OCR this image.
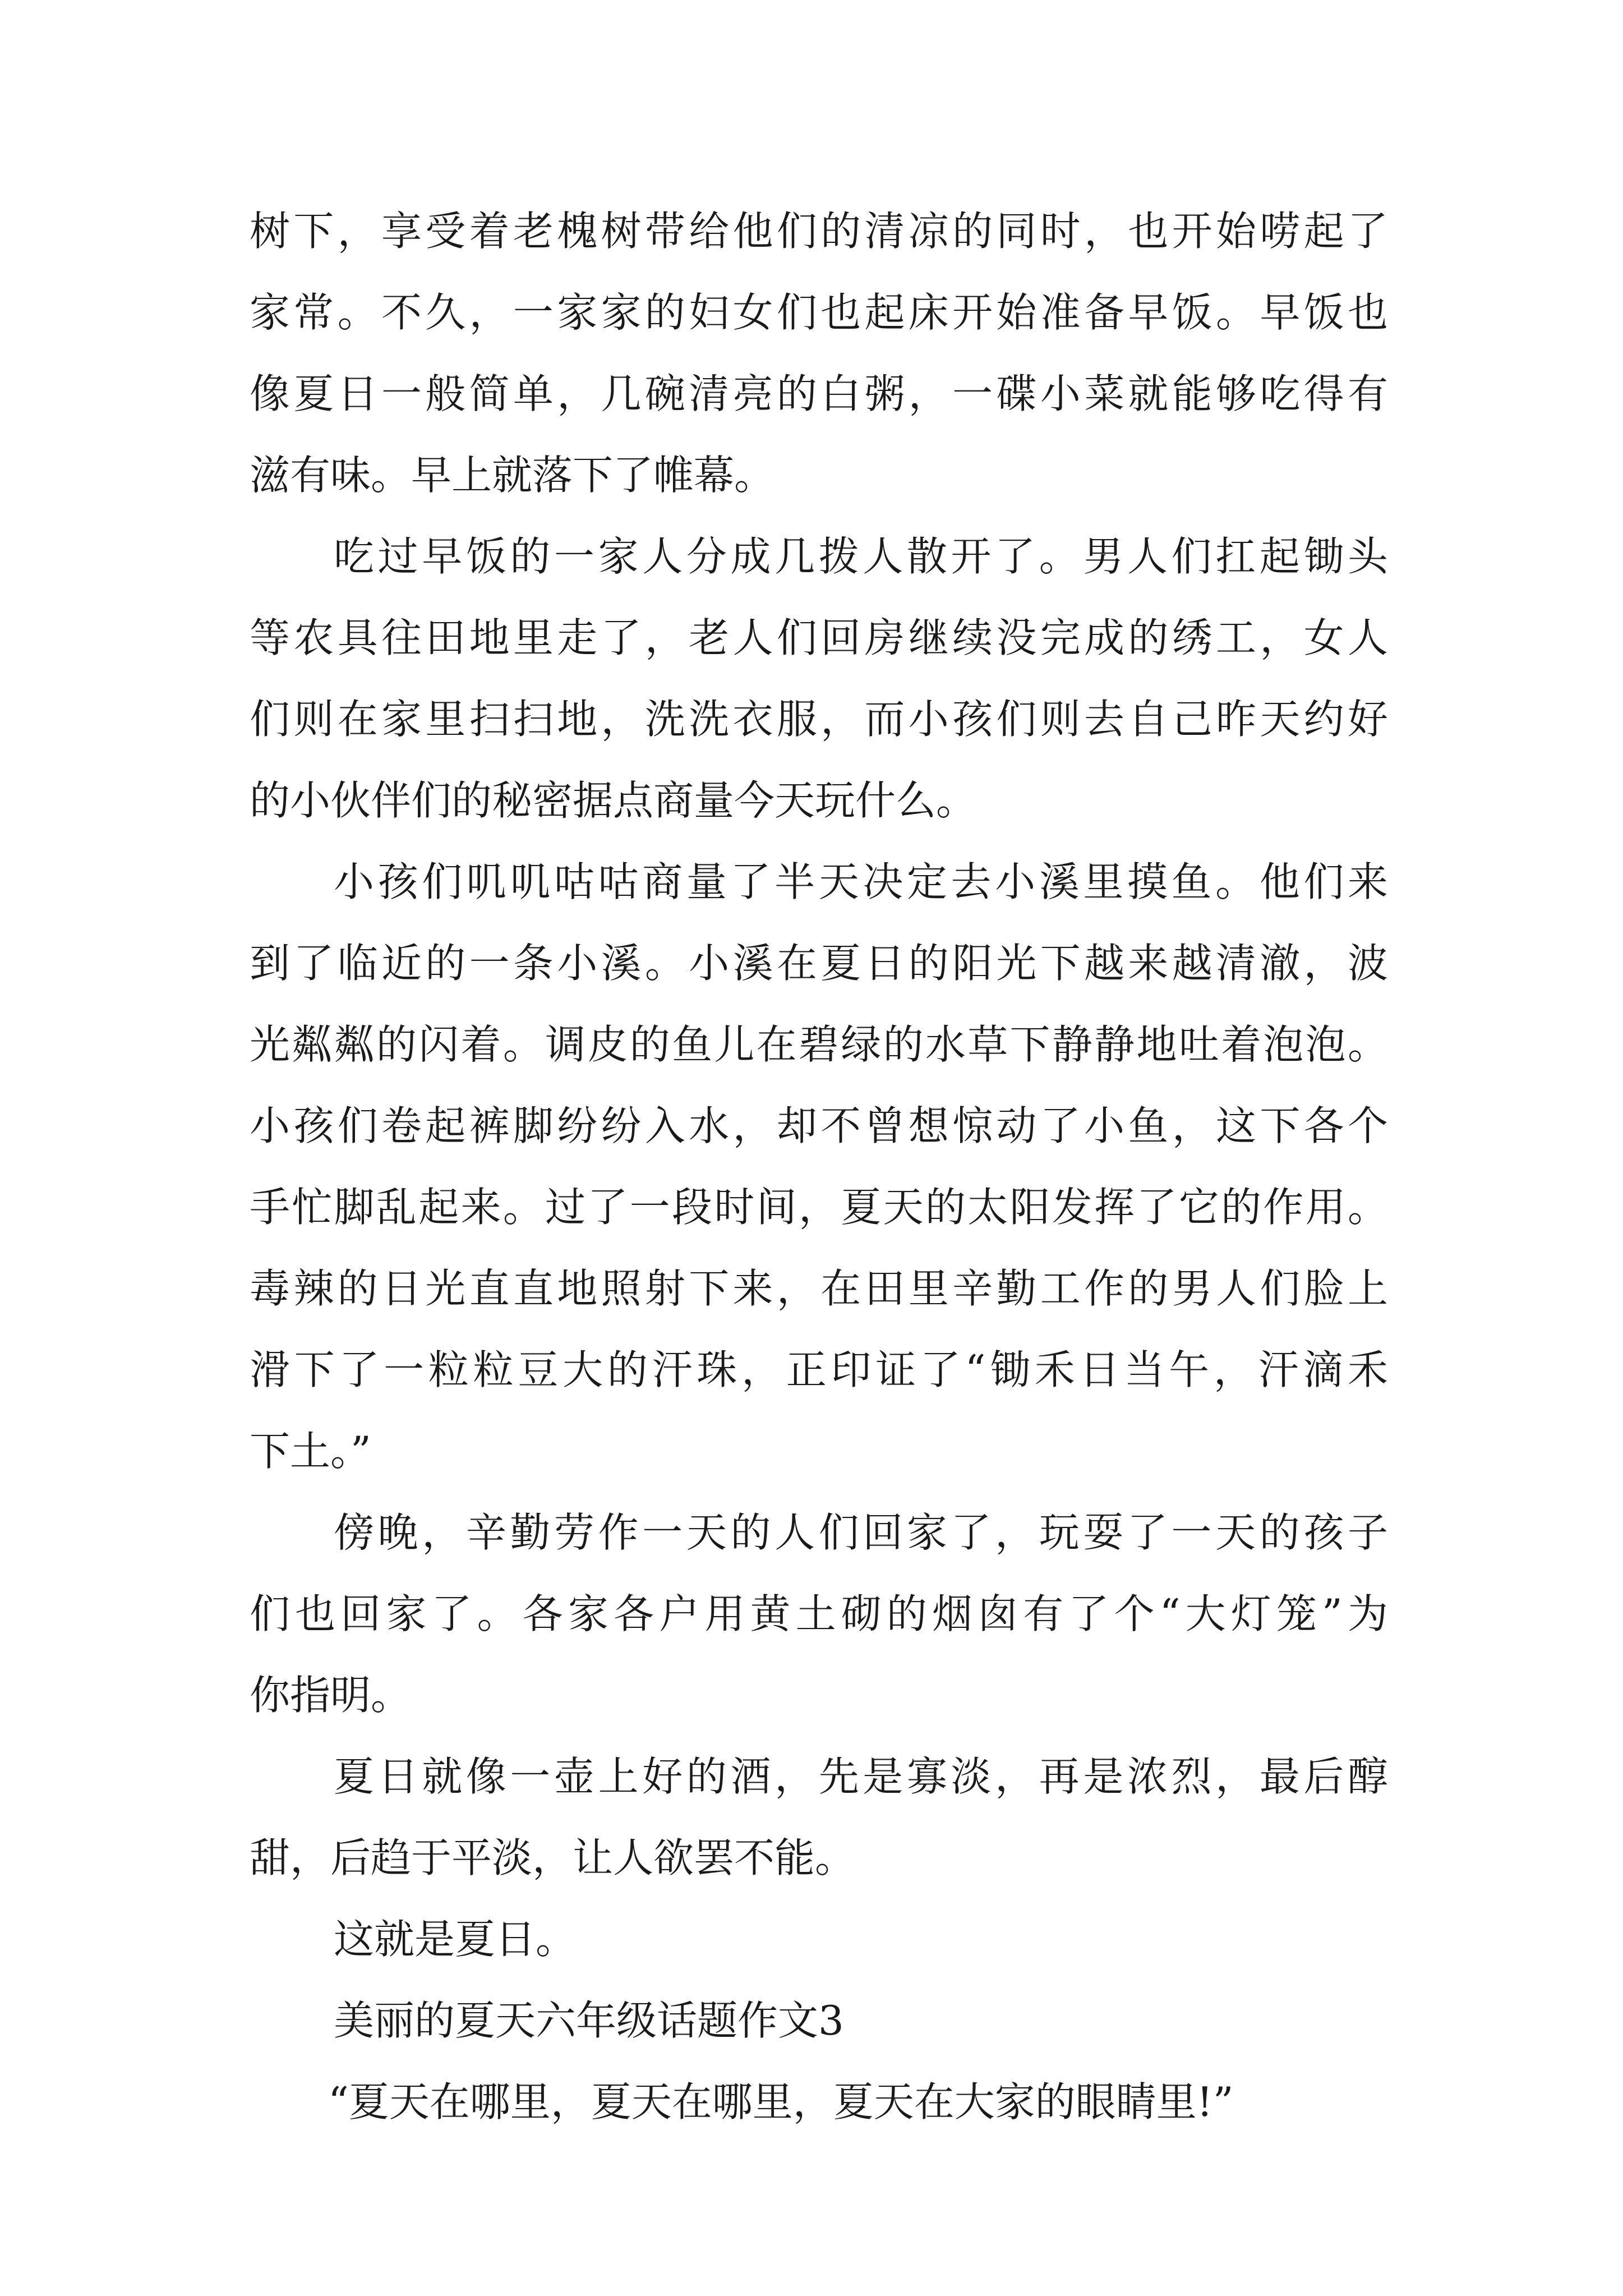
树下，享受着老槐树带给他们的清凉的同时，也开始唠起了
家常。不久，一家家的妇女们也起床开始准备早饭。早饭也
像夏日一般简单，几碗清亮的白粥，一碟小菜就能够吃得有
滋有味。早上就落下了帷幕。

吃过早饭的一家人分成几拨人散开了。男人们扛起锄头
等农具往田地里走了，老人们回房继续没完成的绣工，女人
们则在家里扫扫地，洗洗衣服，而小孩们则去自己昨天约好
的小伙伴们的秘密据点商量今天玩什么。

小孩们叽叽咕咕商量了半天决定去小溪里摸鱼。他们来
到了临近的一条小溪。小溪在夏日的阳光下越来越清澈，波
光粼粼的闪着。调皮的鱼儿在碧绿的水草下静静地吐着泡泡。
小孩们卷起裤脚纷纷入水，却不曾想惊动了小鱼，这下各个
手忙脚乱起来。过了一段时间，夏天的太阳发挥了它的作用。
毒辣的日光直直地照射下来，在田里辛勤工作的男人们脸上
滑下了一粒粒豆大的汗珠，正印证了“锄禾日当午，汗滴禾
下土。”

傍晚，辛勤劳作一天的人们回家了，玩耍了一天的孩子
们也回家了。各家各户用黄土砌的烟囱有了个“大灯笼”为
你指明。

夏日就像一壶上好的酒，先是寡淡，再是浓烈，最后醇
甜，后趋于平淡，让人欲罢不能。

这就是夏日。

美丽的夏天六年级话题作文3

“夏天在哪里，夏天在哪里，夏天在大家的眼睛里!”
